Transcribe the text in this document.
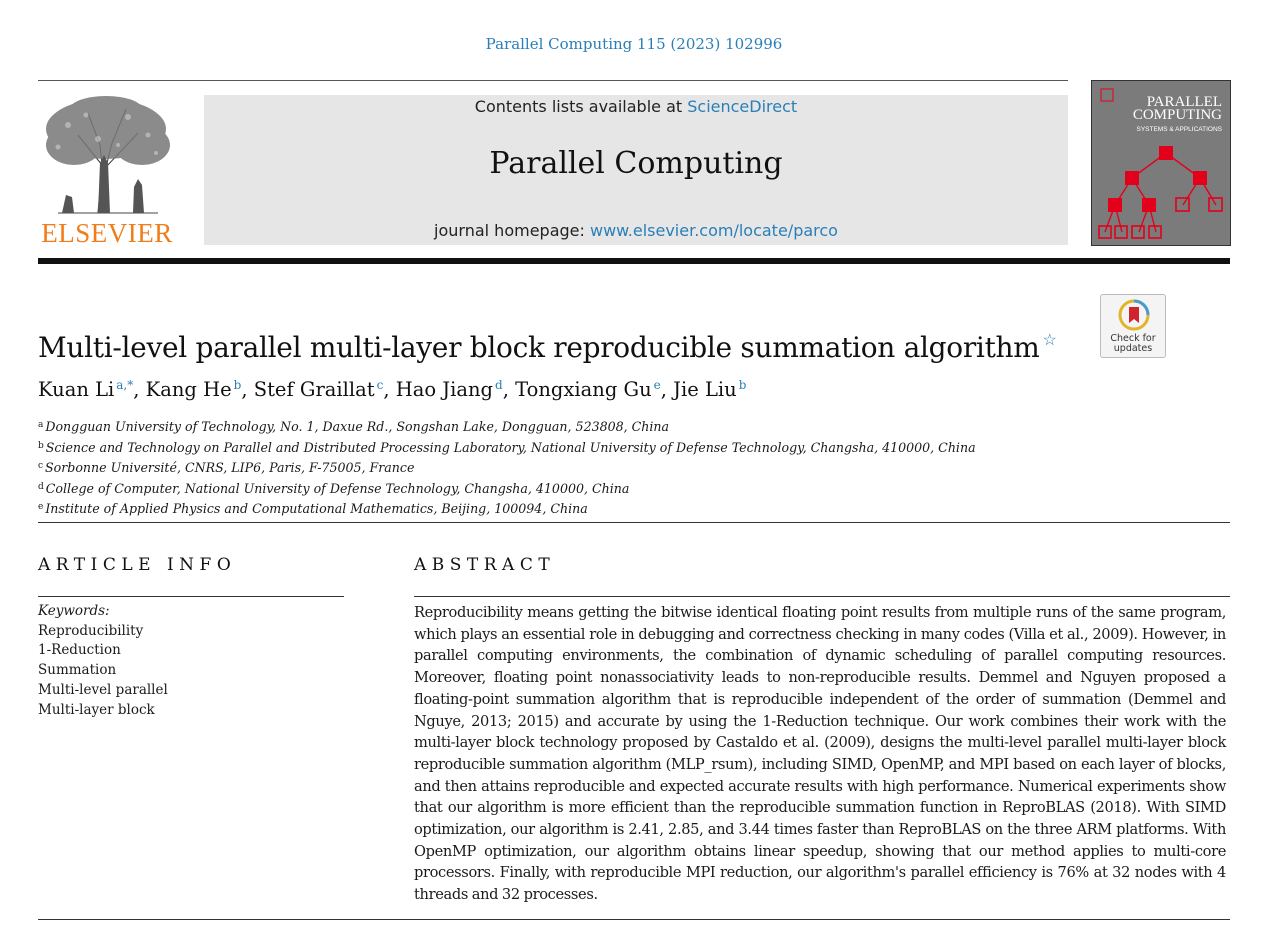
Parallel Computing 115 (2023) 102996
ELSEVIER
Contents lists available at ScienceDirect
Parallel Computing
journal homepage: www.elsevier.com/locate/parco
PARALLEL
COMPUTING
SYSTEMS & APPLICATIONS
Check for
updates
Multi-level parallel multi-layer block reproducible summation algorithm ☆
Kuan Li $^{a,*}$, Kang He $^b$, Stef Graillat $^c$, Hao Jiang $^d$, Tongxiang Gu $^e$, Jie Liu $^b$
$^a$ Dongguan University of Technology, No. 1, Daxue Rd., Songshan Lake, Dongguan, 523808, China
$^b$ Science and Technology on Parallel and Distributed Processing Laboratory, National University of Defense Technology, Changsha, 410000, China
$^c$ Sorbonne Université, CNRS, LIP6, Paris, F-75005, France
$^d$ College of Computer, National University of Defense Technology, Changsha, 410000, China
$^e$ Institute of Applied Physics and Computational Mathematics, Beijing, 100094, China
ARTICLE INFO
Keywords:
Reproducibility
1-Reduction
Summation
Multi-level parallel
Multi-layer block
ABSTRACT
Reproducibility means getting the bitwise identical floating point results from multiple runs of the same program, which plays an essential role in debugging and correctness checking in many codes (Villa et al., 2009). However, in parallel computing environments, the combination of dynamic scheduling of parallel computing resources. Moreover, floating point nonassociativity leads to non-reproducible results. Demmel and Nguyen proposed a floating-point summation algorithm that is reproducible independent of the order of summation (Demmel and Nguye, 2013; 2015) and accurate by using the 1-Reduction technique. Our work combines their work with the multi-layer block technology proposed by Castaldo et al. (2009), designs the multi-level parallel multi-layer block reproducible summation algorithm (MLP_rsum), including SIMD, OpenMP, and MPI based on each layer of blocks, and then attains reproducible and expected accurate results with high performance. Numerical experiments show that our algorithm is more efficient than the reproducible summation function in ReproBLAS (2018). With SIMD optimization, our algorithm is 2.41, 2.85, and 3.44 times faster than ReproBLAS on the three ARM platforms. With OpenMP optimization, our algorithm obtains linear speedup, showing that our method applies to multi-core processors. Finally, with reproducible MPI reduction, our algorithm's parallel efficiency is 76% at 32 nodes with 4 threads and 32 processes.
